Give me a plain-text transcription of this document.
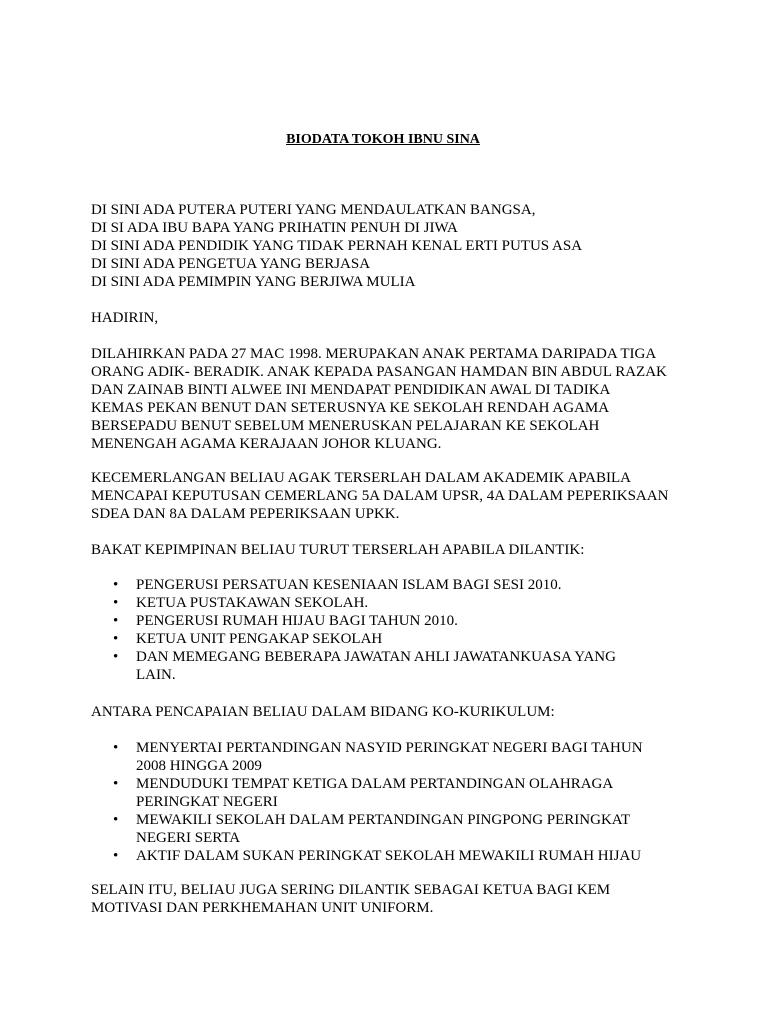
BIODATA TOKOH IBNU SINA
DI SINI ADA PUTERA PUTERI YANG MENDAULATKAN BANGSA,
DI SI ADA IBU BAPA YANG PRIHATIN PENUH DI JIWA
DI SINI ADA PENDIDIK YANG TIDAK PERNAH KENAL ERTI PUTUS ASA
DI SINI ADA PENGETUA YANG BERJASA
DI SINI ADA PEMIMPIN YANG BERJIWA MULIA
HADIRIN,
DILAHIRKAN PADA 27 MAC 1998. MERUPAKAN ANAK PERTAMA DARIPADA TIGA
ORANG ADIK- BERADIK. ANAK KEPADA PASANGAN HAMDAN BIN ABDUL RAZAK
DAN ZAINAB BINTI ALWEE INI MENDAPAT PENDIDIKAN AWAL DI TADIKA
KEMAS PEKAN BENUT DAN SETERUSNYA KE SEKOLAH RENDAH AGAMA
BERSEPADU BENUT SEBELUM MENERUSKAN PELAJARAN KE SEKOLAH
MENENGAH AGAMA KERAJAAN JOHOR KLUANG.
KECEMERLANGAN BELIAU AGAK TERSERLAH DALAM AKADEMIK APABILA
MENCAPAI KEPUTUSAN CEMERLANG 5A DALAM UPSR, 4A DALAM PEPERIKSAAN
SDEA DAN 8A DALAM PEPERIKSAAN UPKK.
BAKAT KEPIMPINAN BELIAU TURUT TERSERLAH APABILA DILANTIK:
• PENGERUSI PERSATUAN KESENIAAN ISLAM BAGI SESI 2010.
• KETUA PUSTAKAWAN SEKOLAH.
• PENGERUSI RUMAH HIJAU BAGI TAHUN 2010.
• KETUA UNIT PENGAKAP SEKOLAH
• DAN MEMEGANG BEBERAPA JAWATAN AHLI JAWATANKUASA YANG
LAIN.
ANTARA PENCAPAIAN BELIAU DALAM BIDANG KO-KURIKULUM:
• MENYERTAI PERTANDINGAN NASYID PERINGKAT NEGERI BAGI TAHUN
2008 HINGGA 2009
• MENDUDUKI TEMPAT KETIGA DALAM PERTANDINGAN OLAHRAGA
PERINGKAT NEGERI
• MEWAKILI SEKOLAH DALAM PERTANDINGAN PINGPONG PERINGKAT
NEGERI SERTA
• AKTIF DALAM SUKAN PERINGKAT SEKOLAH MEWAKILI RUMAH HIJAU
SELAIN ITU, BELIAU JUGA SERING DILANTIK SEBAGAI KETUA BAGI KEM
MOTIVASI DAN PERKHEMAHAN UNIT UNIFORM.
